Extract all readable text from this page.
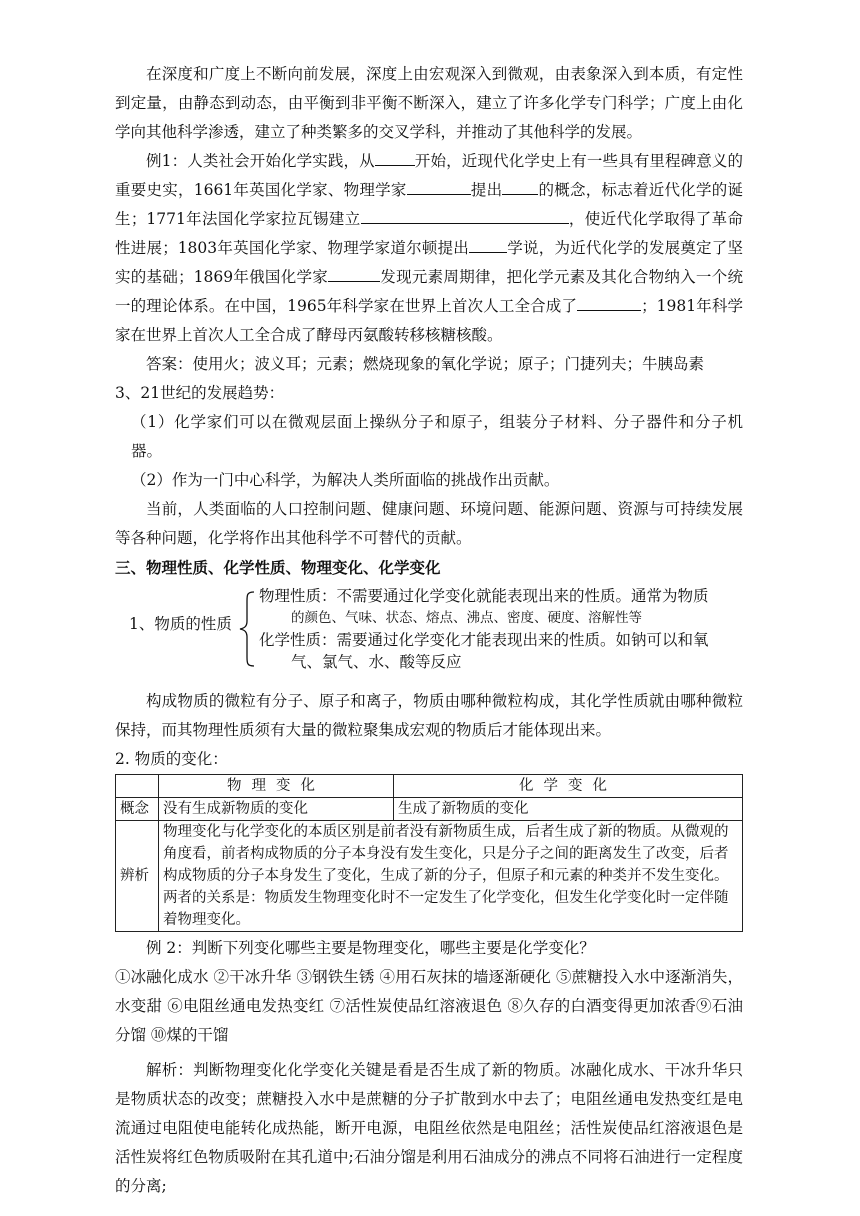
在深度和广度上不断向前发展，深度上由宏观深入到微观，由表象深入到本质，有定性到定量，由静态到动态，由平衡到非平衡不断深入，建立了许多化学专门科学；广度上由化学向其他科学渗透，建立了种类繁多的交叉学科，并推动了其他科学的发展。

例1：人类社会开始化学实践，从	开始，近现代化学史上有一些具有里程碑意义的重要史实，1661年英国化学家、物理学家	提出 的概念，标志着近代化学的诞生；1771年法国化学家拉瓦锡建立	，使近代化学取得了革命性进展；1803年英国化学家、物理学家道尔顿提出 学说，为近代化学的发展奠定了坚实的基础；1869年俄国化学家	发现元素周期律，把化学元素及其化合物纳入一个统一的理论体系。在中国，1965年科学家在世界上首次人工全合成了	；1981年科学家在世界上首次人工全合成了酵母丙氨酸转移核糖核酸。

答案：使用火；波义耳；元素；燃烧现象的氧化学说；原子；门捷列夫；牛胰岛素

3、21世纪的发展趋势：

（1）化学家们可以在微观层面上操纵分子和原子，组装分子材料、分子器件和分子机器。

（2）作为一门中心科学，为解决人类所面临的挑战作出贡献。

当前，人类面临的人口控制问题、健康问题、环境问题、能源问题、资源与可持续发展等各种问题，化学将作出其他科学不可替代的贡献。

三、物理性质、化学性质、物理变化、化学变化

1、物质的性质

物理性质：不需要通过化学变化就能表现出来的性质。通常为物质

的颜色、气味、状态、熔点、沸点、密度、硬度、溶解性等

化学性质：需要通过化学变化才能表现出来的性质。如钠可以和氧

气、氯气、水、酸等反应

构成物质的微粒有分子、原子和离子，物质由哪种微粒构成，其化学性质就由哪种微粒保持，而其物理性质须有大量的微粒聚集成宏观的物质后才能体现出来。

2. 物质的变化：

	物理变化	化学变化
概念	没有生成新物质的变化	生成了新物质的变化
辨析	物理变化与化学变化的本质区别是前者没有新物质生成，后者生成了新的物质。从微观的角度看，前者构成物质的分子本身没有发生变化，只是分子之间的距离发生了改变，后者构成物质的分子本身发生了变化，生成了新的分子，但原子和元素的种类并不发生变化。两者的关系是：物质发生物理变化时不一定发生了化学变化，但发生化学变化时一定伴随着物理变化。	

例 2：判断下列变化哪些主要是物理变化，哪些主要是化学变化？

①冰融化成水 ②干冰升华 ③钢铁生锈 ④用石灰抹的墙逐渐硬化 ⑤蔗糖投入水中逐渐消失，水变甜 ⑥电阻丝通电发热变红 ⑦活性炭使品红溶液退色 ⑧久存的白酒变得更加浓香⑨石油分馏 ⑩煤的干馏

解析：判断物理变化化学变化关键是看是否生成了新的物质。冰融化成水、干冰升华只是物质状态的改变；蔗糖投入水中是蔗糖的分子扩散到水中去了；电阻丝通电发热变红是电流通过电阻使电能转化成热能，断开电源，电阻丝依然是电阻丝；活性炭使品红溶液退色是活性炭将红色物质吸附在其孔道中;石油分馏是利用石油成分的沸点不同将石油进行一定程度的分离;
